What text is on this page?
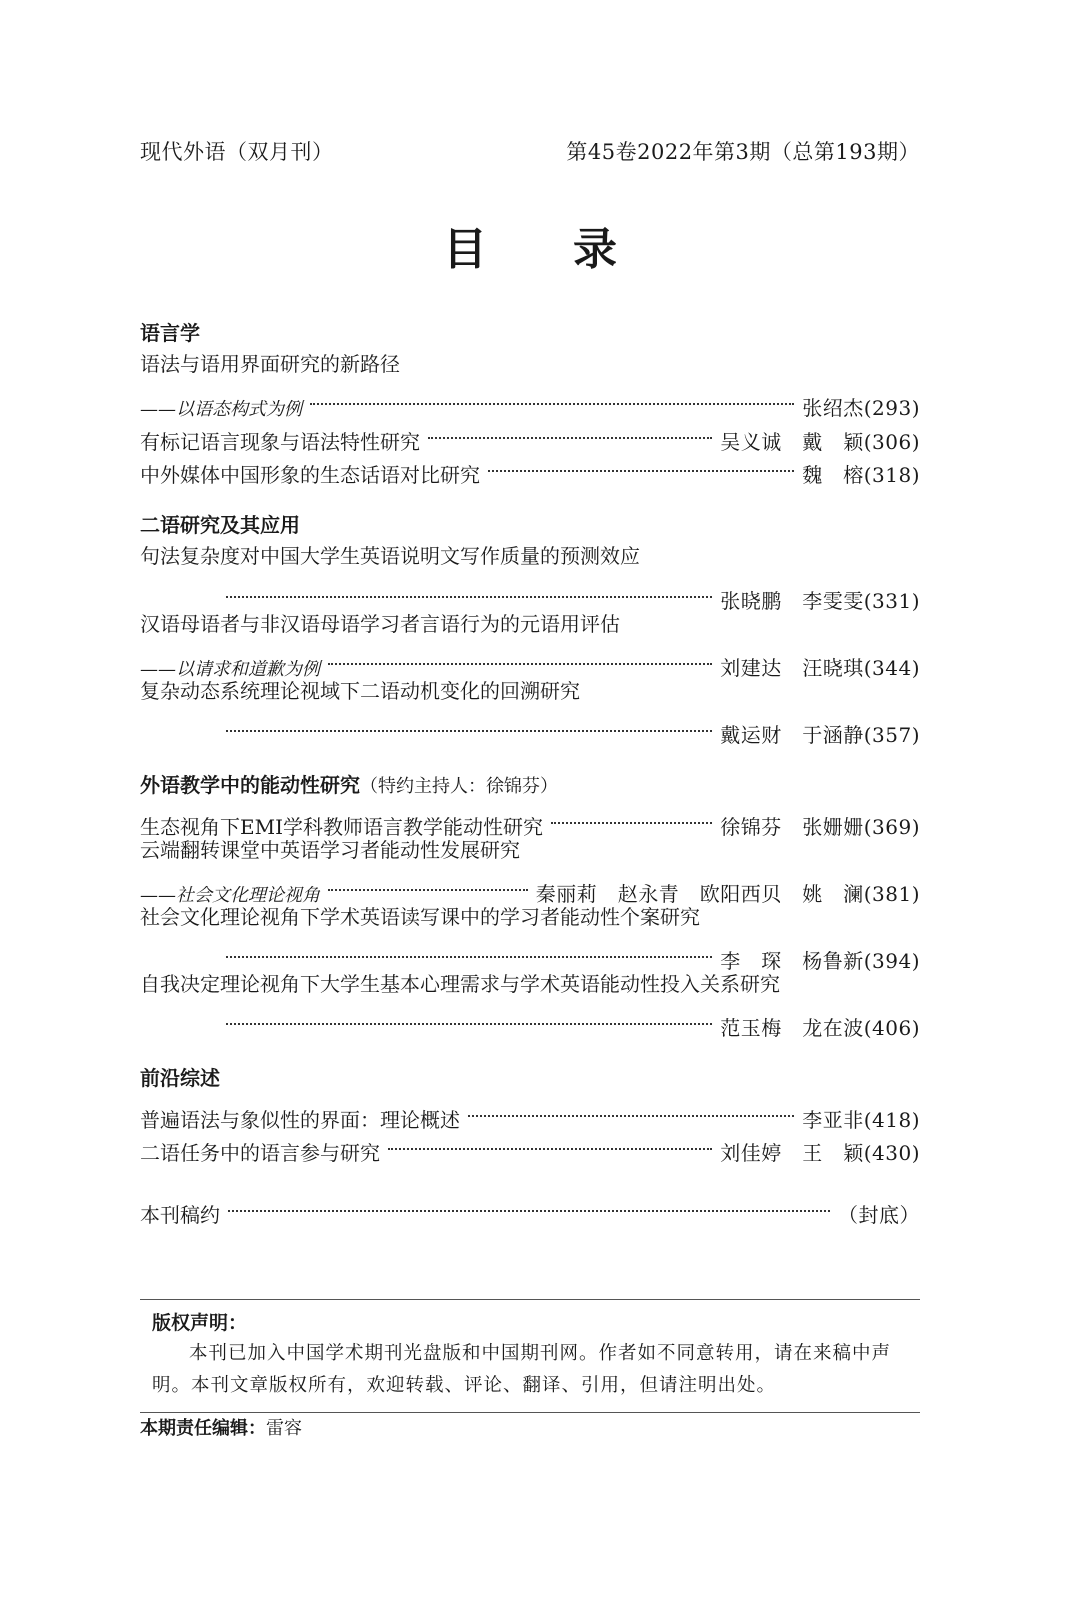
现代外语（双月刊）	第45卷2022年第3期（总第193期）
目录
语言学
语法与语用界面研究的新路径
——以语态构式为例	张绍杰(293)
有标记语言现象与语法特性研究	吴义诚　戴　颖(306)
中外媒体中国形象的生态话语对比研究	魏　榕(318)
二语研究及其应用
句法复杂度对中国大学生英语说明文写作质量的预测效应
张晓鹏　李雯雯(331)
汉语母语者与非汉语母语学习者言语行为的元语用评估
——以请求和道歉为例	刘建达　汪晓琪(344)
复杂动态系统理论视域下二语动机变化的回溯研究
戴运财　于涵静(357)
外语教学中的能动性研究（特约主持人：徐锦芬）
生态视角下EMI学科教师语言教学能动性研究	徐锦芬　张姗姗(369)
云端翻转课堂中英语学习者能动性发展研究
——社会文化理论视角	秦丽莉　赵永青　欧阳西贝　姚　澜(381)
社会文化理论视角下学术英语读写课中的学习者能动性个案研究
李　琛　杨鲁新(394)
自我决定理论视角下大学生基本心理需求与学术英语能动性投入关系研究
范玉梅　龙在波(406)
前沿综述
普遍语法与象似性的界面：理论概述	李亚非(418)
二语任务中的语言参与研究	刘佳婷　王　颖(430)
本刊稿约	（封底）
版权声明：
本刊已加入中国学术期刊光盘版和中国期刊网。作者如不同意转用，请在来稿中声明。本刊文章版权所有，欢迎转载、评论、翻译、引用，但请注明出处。
本期责任编辑：雷容
